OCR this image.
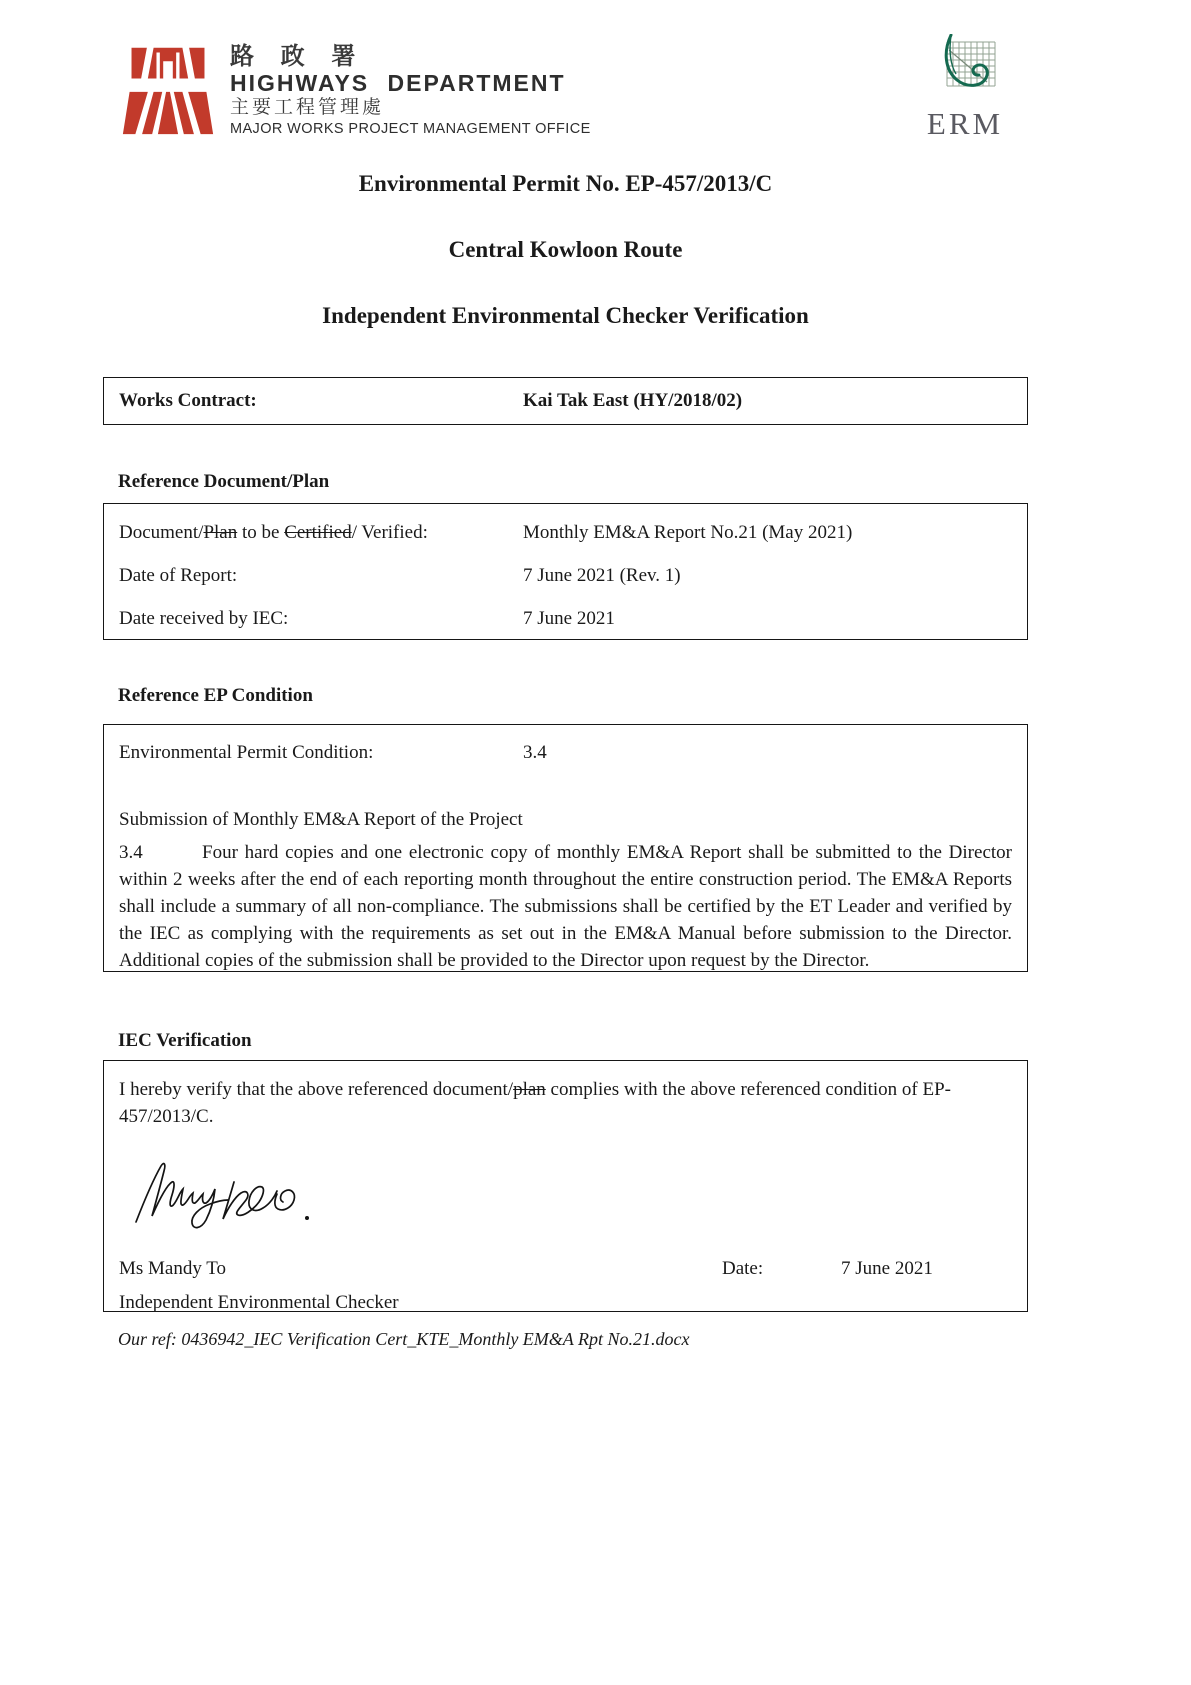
路 政 署
HIGHWAYS DEPARTMENT
主要工程管理處
MAJOR WORKS PROJECT MANAGEMENT OFFICE	ERM
Environmental Permit No. EP-457/2013/C
Central Kowloon Route
Independent Environmental Checker Verification
Works Contract:	Kai Tak East (HY/2018/02)
Reference Document/Plan
Document/Plan to be Certified/ Verified:	Monthly EM&A Report No.21 (May 2021)
Date of Report:	7 June 2021 (Rev. 1)
Date received by IEC:	7 June 2021
Reference EP Condition
Environmental Permit Condition:	3.4
Submission of Monthly EM&A Report of the Project
3.4	Four hard copies and one electronic copy of monthly EM&A Report shall be submitted to the Director within 2 weeks after the end of each reporting month throughout the entire construction period. The EM&A Reports shall include a summary of all non-compliance. The submissions shall be certified by the ET Leader and verified by the IEC as complying with the requirements as set out in the EM&A Manual before submission to the Director. Additional copies of the submission shall be provided to the Director upon request by the Director.
IEC Verification
I hereby verify that the above referenced document/plan complies with the above referenced condition of EP-457/2013/C.
Ms Mandy To	Date:	7 June 2021
Independent Environmental Checker
Our ref: 0436942_IEC Verification Cert_KTE_Monthly EM&A Rpt No.21.docx
